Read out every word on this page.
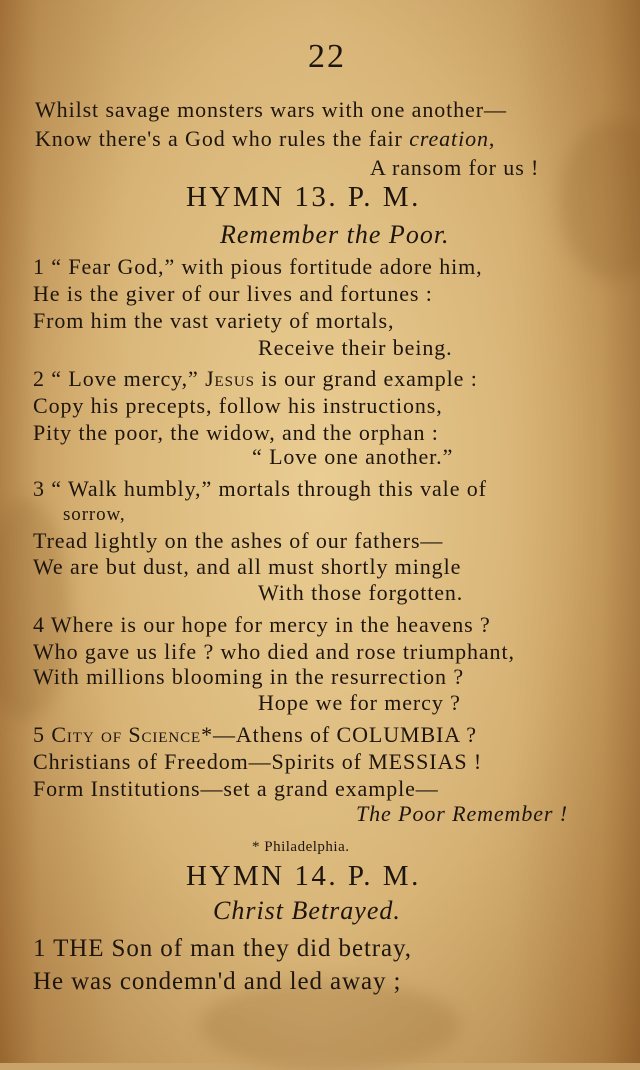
22
Whilst savage monsters wars with one another—
Know there's a God who rules the fair creation,
A ransom for us !
HYMN 13. P. M.
Remember the Poor.
1 “ Fear God,” with pious fortitude adore him,
He is the giver of our lives and fortunes :
From him the vast variety of mortals,
Receive their being.
2 “ Love mercy,” Jesus is our grand example :
Copy his precepts, follow his instructions,
Pity the poor, the widow, and the orphan :
“ Love one another.”
3 “ Walk humbly,” mortals through this vale of
sorrow,
Tread lightly on the ashes of our fathers—
We are but dust, and all must shortly mingle
With those forgotten.
4 Where is our hope for mercy in the heavens ?
Who gave us life ? who died and rose triumphant,
With millions blooming in the resurrection ?
Hope we for mercy ?
5 City of Science*—Athens of COLUMBIA ?
Christians of Freedom—Spirits of MESSIAS !
Form Institutions—set a grand example—
The Poor Remember !
* Philadelphia.
HYMN 14. P. M.
Christ Betrayed.
1 THE Son of man they did betray,
He was condemn'd and led away ;
